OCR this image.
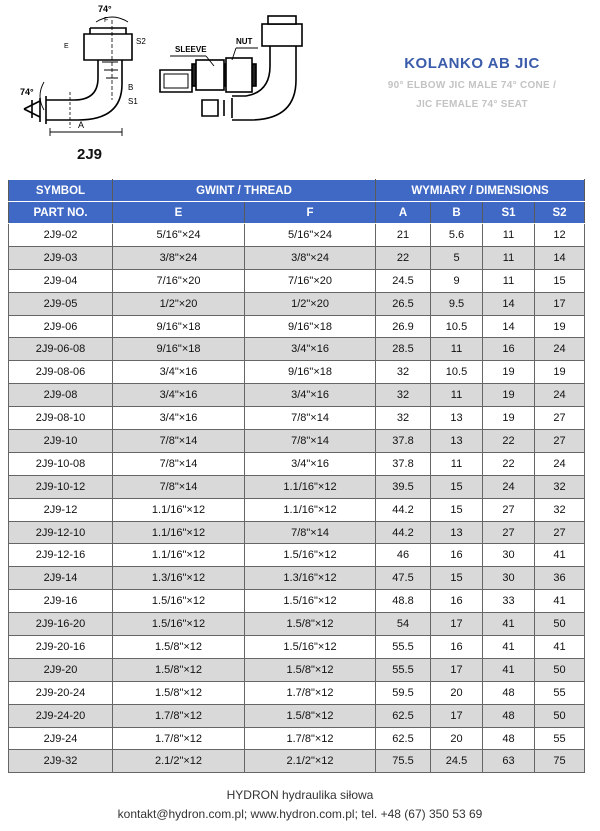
74°
74°
E
F
A
B
S1
S2
SLEEVE
NUT
KOLANKO AB JIC
90° ELBOW JIC MALE 74° CONE /
JIC FEMALE 74° SEAT
2J9
SYMBOL	GWINT / THREAD		WYMIARY / DIMENSIONS			
PART NO.	E	F	A	B	S1	S2
2J9-02	5/16"×24	5/16"×24	21	5.6	11	12
2J9-03	3/8"×24	3/8"×24	22	5	11	14
2J9-04	7/16"×20	7/16"×20	24.5	9	11	15
2J9-05	1/2"×20	1/2"×20	26.5	9.5	14	17
2J9-06	9/16"×18	9/16"×18	26.9	10.5	14	19
2J9-06-08	9/16"×18	3/4"×16	28.5	11	16	24
2J9-08-06	3/4"×16	9/16"×18	32	10.5	19	19
2J9-08	3/4"×16	3/4"×16	32	11	19	24
2J9-08-10	3/4"×16	7/8"×14	32	13	19	27
2J9-10	7/8"×14	7/8"×14	37.8	13	22	27
2J9-10-08	7/8"×14	3/4"×16	37.8	11	22	24
2J9-10-12	7/8"×14	1.1/16"×12	39.5	15	24	32
2J9-12	1.1/16"×12	1.1/16"×12	44.2	15	27	32
2J9-12-10	1.1/16"×12	7/8"×14	44.2	13	27	27
2J9-12-16	1.1/16"×12	1.5/16"×12	46	16	30	41
2J9-14	1.3/16"×12	1.3/16"×12	47.5	15	30	36
2J9-16	1.5/16"×12	1.5/16"×12	48.8	16	33	41
2J9-16-20	1.5/16"×12	1.5/8"×12	54	17	41	50
2J9-20-16	1.5/8"×12	1.5/16"×12	55.5	16	41	41
2J9-20	1.5/8"×12	1.5/8"×12	55.5	17	41	50
2J9-20-24	1.5/8"×12	1.7/8"×12	59.5	20	48	55
2J9-24-20	1.7/8"×12	1.5/8"×12	62.5	17	48	50
2J9-24	1.7/8"×12	1.7/8"×12	62.5	20	48	55
2J9-32	2.1/2"×12	2.1/2"×12	75.5	24.5	63	75
HYDRON hydraulika siłowa
kontakt@hydron.com.pl; www.hydron.com.pl; tel. +48 (67) 350 53 69
